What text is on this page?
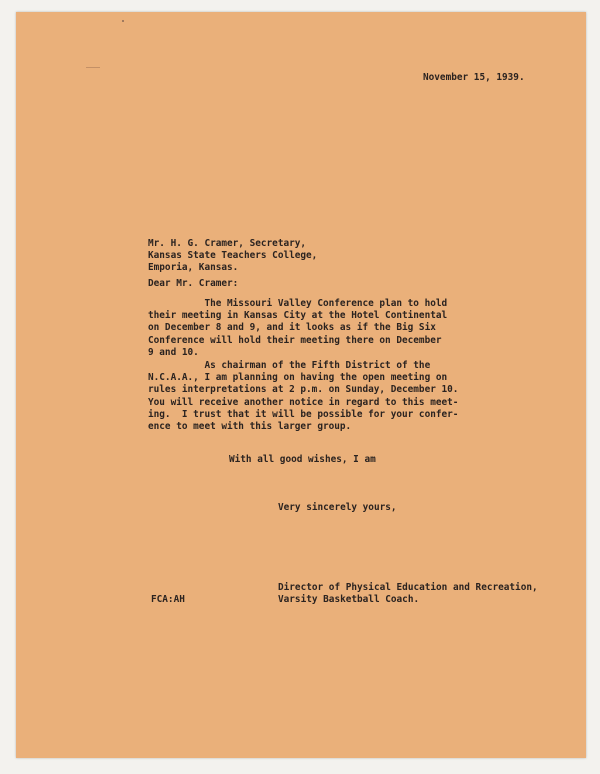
November 15, 1939.

Mr. H. G. Cramer, Secretary,
Kansas State Teachers College,
Emporia, Kansas.

Dear Mr. Cramer:

The Missouri Valley Conference plan to hold
their meeting in Kansas City at the Hotel Continental
on December 8 and 9, and it looks as if the Big Six
Conference will hold their meeting there on December
9 and 10.
As chairman of the Fifth District of the
N.C.A.A., I am planning on having the open meeting on
rules interpretations at 2 p.m. on Sunday, December 10.
You will receive another notice in regard to this meet-
ing.  I trust that it will be possible for your confer-
ence to meet with this larger group.

With all good wishes, I am

Very sincerely yours,

Director of Physical Education and Recreation,
Varsity Basketball Coach.

FCA:AH
